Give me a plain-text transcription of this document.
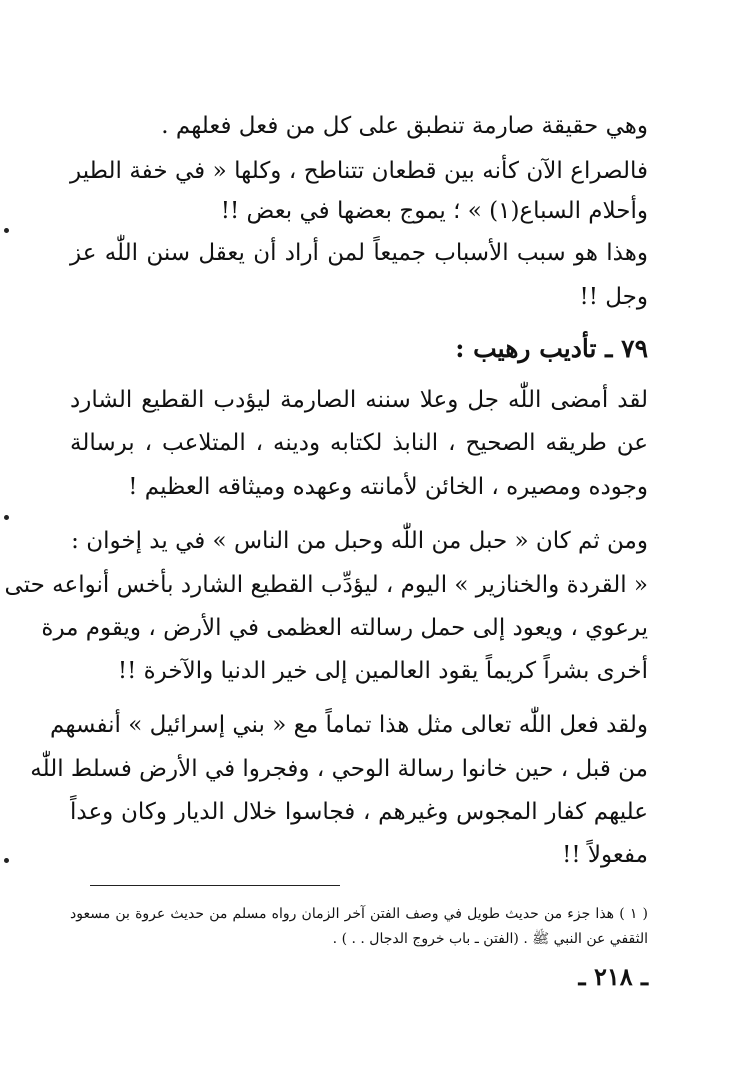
وهي حقيقة صارمة تنطبق على كل من فعل فعلهم .
فالصراع الآن كأنه بين قطعان تتناطح ، وكلها « في خفة الطير
وأحلام السباع(١) » ؛ يموج بعضها في بعض !!
وهذا هو سبب الأسباب جميعاً لمن أراد أن يعقل سنن اللّٰه عز
وجل !!
٧٩ ـ تأديب رهيب :
لقد أمضى اللّٰه جل وعلا سننه الصارمة ليؤدب القطيع الشارد
عن طريقه الصحيح ، النابذ لكتابه ودينه ، المتلاعب ، برسالة
وجوده ومصيره ، الخائن لأمانته وعهده وميثاقه العظيم !
ومن ثم كان « حبل من اللّٰه وحبل من الناس » في يد إخوان :
« القردة والخنازير » اليوم ، ليؤدِّب القطيع الشارد بأخس أنواعه حتى
يرعوي ، ويعود إلى حمل رسالته العظمى في الأرض ، ويقوم مرة
أخرى بشراً كريماً يقود العالمين إلى خير الدنيا والآخرة !!
ولقد فعل اللّٰه تعالى مثل هذا تماماً مع « بني إسرائيل » أنفسهم
من قبل ، حين خانوا رسالة الوحي ، وفجروا في الأرض فسلط اللّٰه
عليهم كفار المجوس وغيرهم ، فجاسوا خلال الديار وكان وعداً
مفعولاً !!
( ١ ) هذا جزء من حديث طويل في وصف الفتن آخر الزمان رواه مسلم من حديث عروة بن مسعود
الثقفي عن النبي ﷺ . (الفتن ـ باب خروج الدجال . . ) .
ـ ٢١٨ ـ
